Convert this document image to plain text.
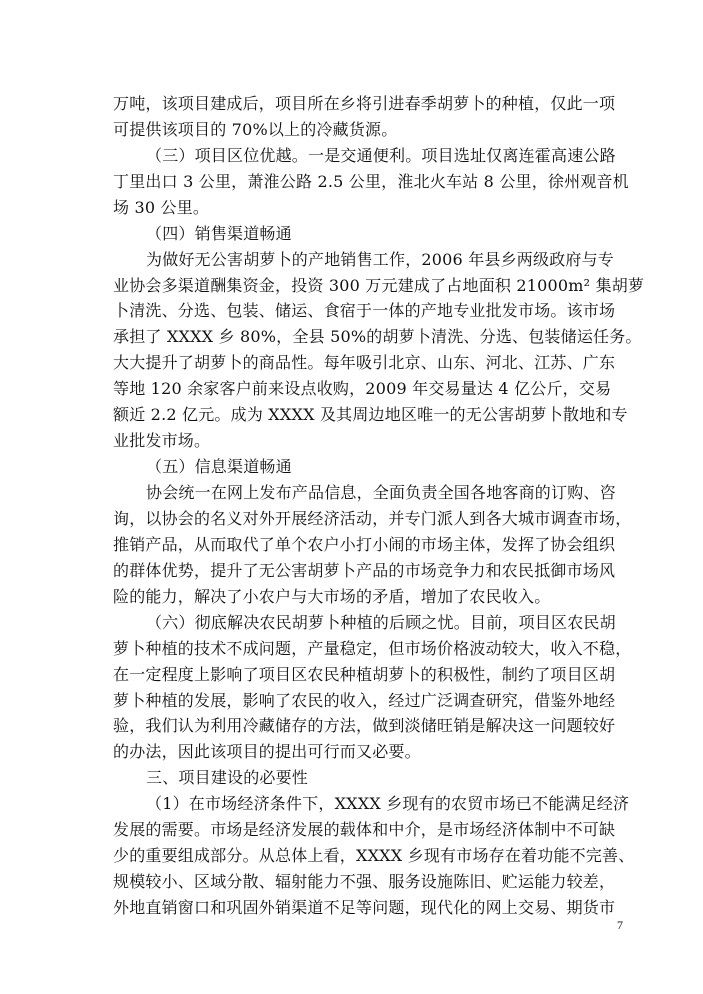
万吨，该项目建成后，项目所在乡将引进春季胡萝卜的种植，仅此一项
可提供该项目的 70%以上的冷藏货源。
（三）项目区位优越。一是交通便利。项目选址仅离连霍高速公路
丁里出口 3 公里，萧淮公路 2.5 公里，淮北火车站 8 公里，徐州观音机
场 30 公里。
（四）销售渠道畅通
为做好无公害胡萝卜的产地销售工作，2006 年县乡两级政府与专
业协会多渠道酬集资金，投资 300 万元建成了占地面积 21000m² 集胡萝
卜清洗、分选、包装、储运、食宿于一体的产地专业批发市场。该市场
承担了 XXXX 乡 80%，全县 50%的胡萝卜清洗、分选、包装储运任务。
大大提升了胡萝卜的商品性。每年吸引北京、山东、河北、江苏、广东
等地 120 余家客户前来设点收购，2009 年交易量达 4 亿公斤，交易
额近 2.2 亿元。成为 XXXX 及其周边地区唯一的无公害胡萝卜散地和专
业批发市场。
（五）信息渠道畅通
协会统一在网上发布产品信息，全面负责全国各地客商的订购、咨
询，以协会的名义对外开展经济活动，并专门派人到各大城市调查市场，
推销产品，从而取代了单个农户小打小闹的市场主体，发挥了协会组织
的群体优势，提升了无公害胡萝卜产品的市场竞争力和农民抵御市场风
险的能力，解决了小农户与大市场的矛盾，增加了农民收入。
（六）彻底解决农民胡萝卜种植的后顾之忧。目前，项目区农民胡
萝卜种植的技术不成问题，产量稳定，但市场价格波动较大，收入不稳，
在一定程度上影响了项目区农民种植胡萝卜的积极性，制约了项目区胡
萝卜种植的发展，影响了农民的收入，经过广泛调查研究，借鉴外地经
验，我们认为利用冷藏储存的方法，做到淡储旺销是解决这一问题较好
的办法，因此该项目的提出可行而又必要。
三、项目建设的必要性
（1）在市场经济条件下，XXXX 乡现有的农贸市场已不能满足经济
发展的需要。市场是经济发展的载体和中介，是市场经济体制中不可缺
少的重要组成部分。从总体上看，XXXX 乡现有市场存在着功能不完善、
规模较小、区域分散、辐射能力不强、服务设施陈旧、贮运能力较差，
外地直销窗口和巩固外销渠道不足等问题，现代化的网上交易、期货市
7
